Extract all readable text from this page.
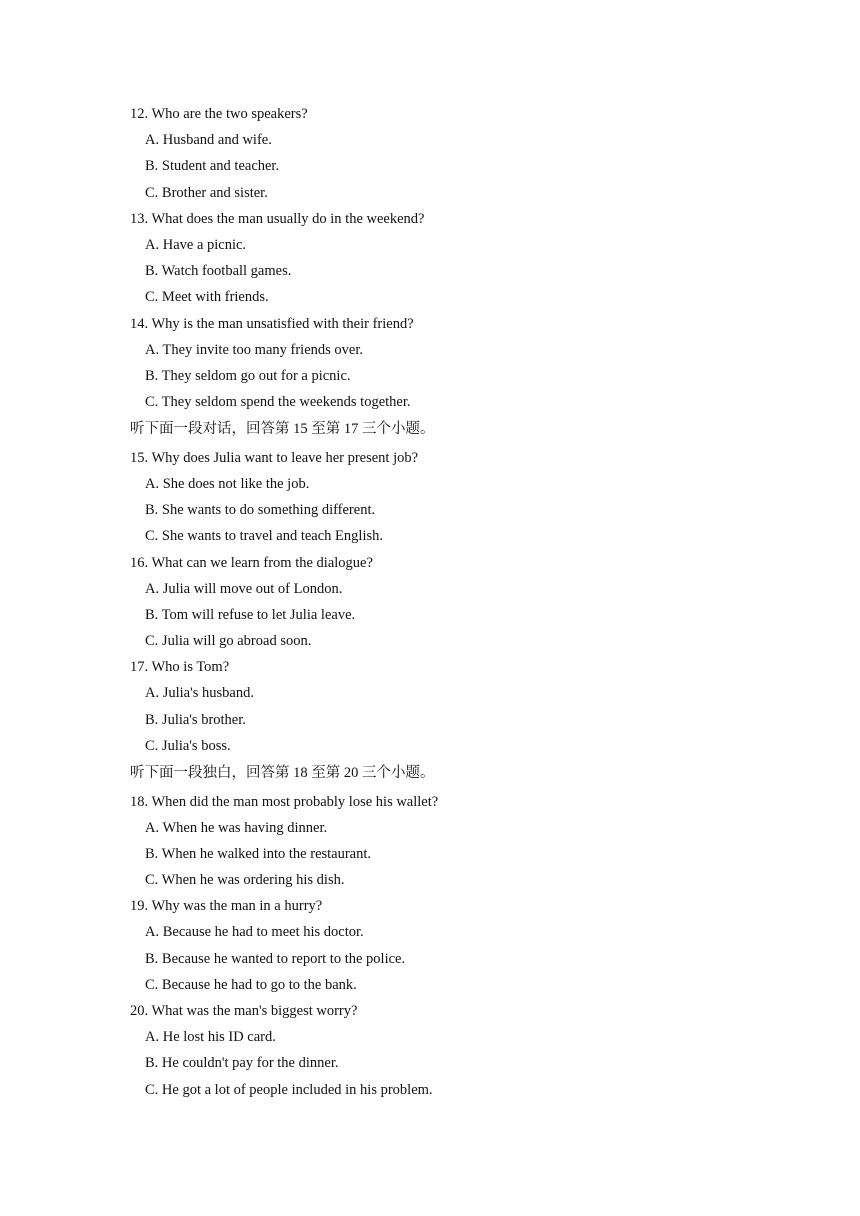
12. Who are the two speakers?
A. Husband and wife.
B. Student and teacher.
C. Brother and sister.
13. What does the man usually do in the weekend?
A. Have a picnic.
B. Watch football games.
C. Meet with friends.
14. Why is the man unsatisfied with their friend?
A. They invite too many friends over.
B. They seldom go out for a picnic.
C. They seldom spend the weekends together.
听下面一段对话，回答第 15 至第 17 三个小题。
15. Why does Julia want to leave her present job?
A. She does not like the job.
B. She wants to do something different.
C. She wants to travel and teach English.
16. What can we learn from the dialogue?
A. Julia will move out of London.
B. Tom will refuse to let Julia leave.
C. Julia will go abroad soon.
17. Who is Tom?
A. Julia's husband.
B. Julia's brother.
C. Julia's boss.
听下面一段独白，回答第 18 至第 20 三个小题。
18. When did the man most probably lose his wallet?
A. When he was having dinner.
B. When he walked into the restaurant.
C. When he was ordering his dish.
19. Why was the man in a hurry?
A. Because he had to meet his doctor.
B. Because he wanted to report to the police.
C. Because he had to go to the bank.
20. What was the man's biggest worry?
A. He lost his ID card.
B. He couldn't pay for the dinner.
C. He got a lot of people included in his problem.
